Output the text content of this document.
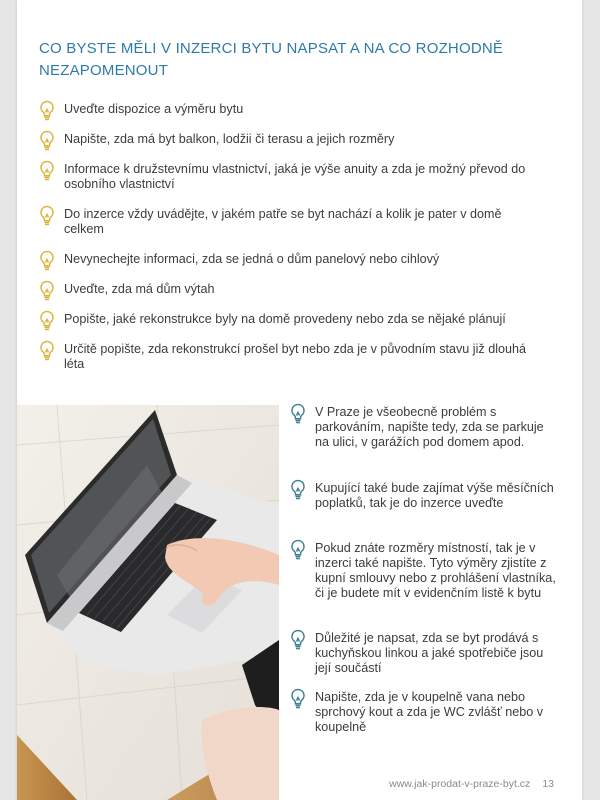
CO BYSTE MĚLI V INZERCI BYTU NAPSAT A NA CO ROZHODNĚ NEZAPOMENOUT
Uveďte dispozice a výměru bytu
Napište, zda má byt balkon, lodžii či terasu a jejich rozměry
Informace k družstevnímu vlastnictví, jaká je výše anuity a zda je možný převod do osobního vlastnictví
Do inzerce vždy uvádějte, v jakém patře se byt nachází a kolik je pater v domě celkem
Nevynechejte informaci, zda se jedná o dům panelový nebo cihlový
Uveďte, zda má dům výtah
Popište, jaké rekonstrukce byly na domě provedeny nebo zda se nějaké plánují
Určitě popište, zda rekonstrukcí prošel byt nebo zda je v původním stavu již dlouhá léta
V Praze je všeobecně problém s parkováním, napište tedy, zda se parkuje na ulici, v garážích pod domem apod.
Kupující také bude zajímat výše měsíčních poplatků, tak je do inzerce uveďte
Pokud znáte rozměry místností, tak je v inzerci také napište. Tyto výměry zjistíte z kupní smlouvy nebo z prohlášení vlastníka, či je budete mít v evidenčním listě k bytu
Důležité je napsat, zda se byt prodává s kuchyňskou linkou a jaké spotřebiče jsou její součástí
Napište, zda je v koupelně vana nebo sprchový kout a zda je WC zvlášť nebo v koupelně
www.jak-prodat-v-praze-byt.cz 13
